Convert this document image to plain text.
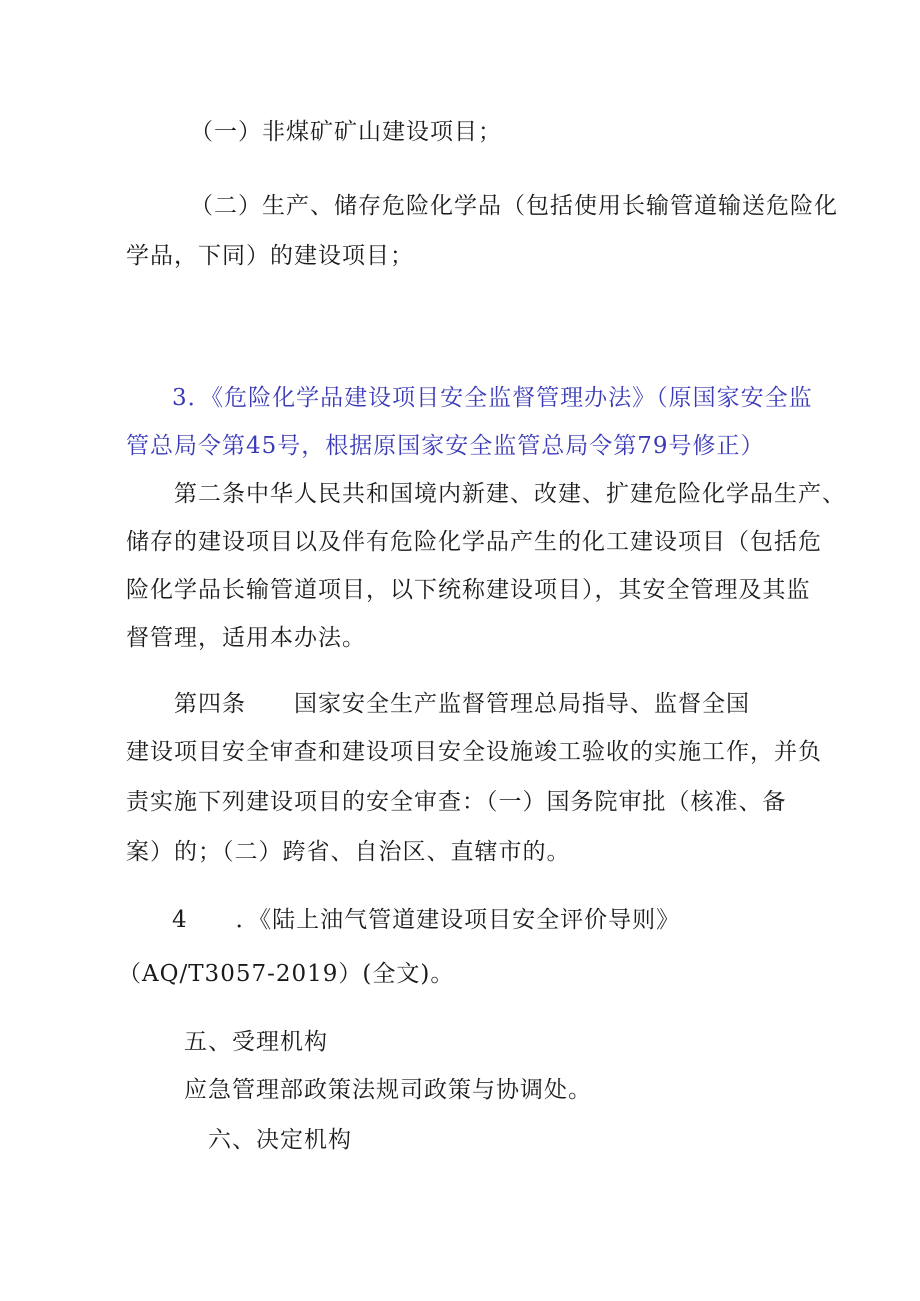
（一）非煤矿矿山建设项目；
（二）生产、储存危险化学品（包括使用长输管道输送危险化
学品，下同）的建设项目；
3．《危险化学品建设项目安全监督管理办法》（原国家安全监
管总局令第45号，根据原国家安全监管总局令第79号修正）
第二条中华人民共和国境内新建、改建、扩建危险化学品生产、
储存的建设项目以及伴有危险化学品产生的化工建设项目（包括危
险化学品长输管道项目，以下统称建设项目），其安全管理及其监
督管理，适用本办法。
第四条　　国家安全生产监督管理总局指导、监督全国
建设项目安全审查和建设项目安全设施竣工验收的实施工作，并负
责实施下列建设项目的安全审查：（一）国务院审批（核准、备
案）的；（二）跨省、自治区、直辖市的。
4　　．《陆上油气管道建设项目安全评价导则》
（AQ/T3057-2019）(全文)。
五、受理机构
应急管理部政策法规司政策与协调处。
六、决定机构
